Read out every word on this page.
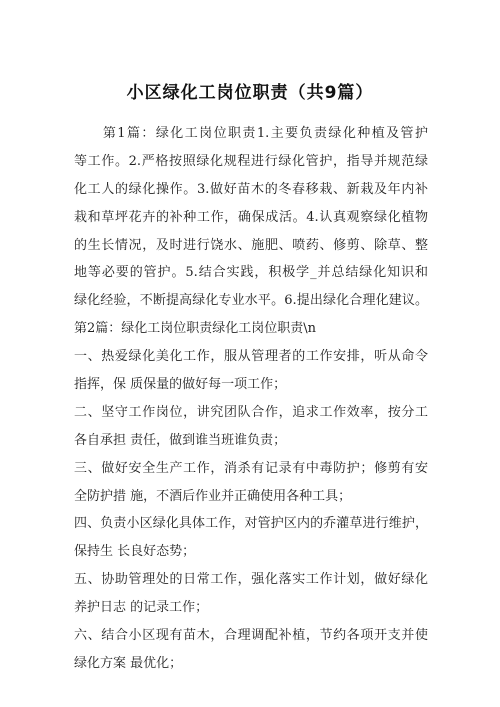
小区绿化工岗位职责（共9篇）
　　第1篇：绿化工岗位职责1.主要负责绿化种植及管护
等工作。2.严格按照绿化规程进行绿化管护，指导并规范绿
化工人的绿化操作。3.做好苗木的冬春移栽、新栽及年内补
栽和草坪花卉的补种工作，确保成活。4.认真观察绿化植物
的生长情况，及时进行饶水、施肥、喷药、修剪、除草、整
地等必要的管护。5.结合实践，积极学_并总结绿化知识和
绿化经验，不断提高绿化专业水平。6.提出绿化合理化建议。
第2篇：绿化工岗位职责绿化工岗位职责\n
一、热爱绿化美化工作，服从管理者的工作安排，听从命令
指挥，保 质保量的做好每一项工作；
二、坚守工作岗位，讲究团队合作，追求工作效率，按分工
各自承担 责任，做到谁当班谁负责；
三、做好安全生产工作，消杀有记录有中毒防护；修剪有安
全防护措 施，不酒后作业并正确使用各种工具；
四、负责小区绿化具体工作，对管护区内的乔灌草进行维护，
保持生 长良好态势；
五、协助管理处的日常工作，强化落实工作计划，做好绿化
养护日志 的记录工作；
六、结合小区现有苗木，合理调配补植，节约各项开支并使
绿化方案 最优化；
